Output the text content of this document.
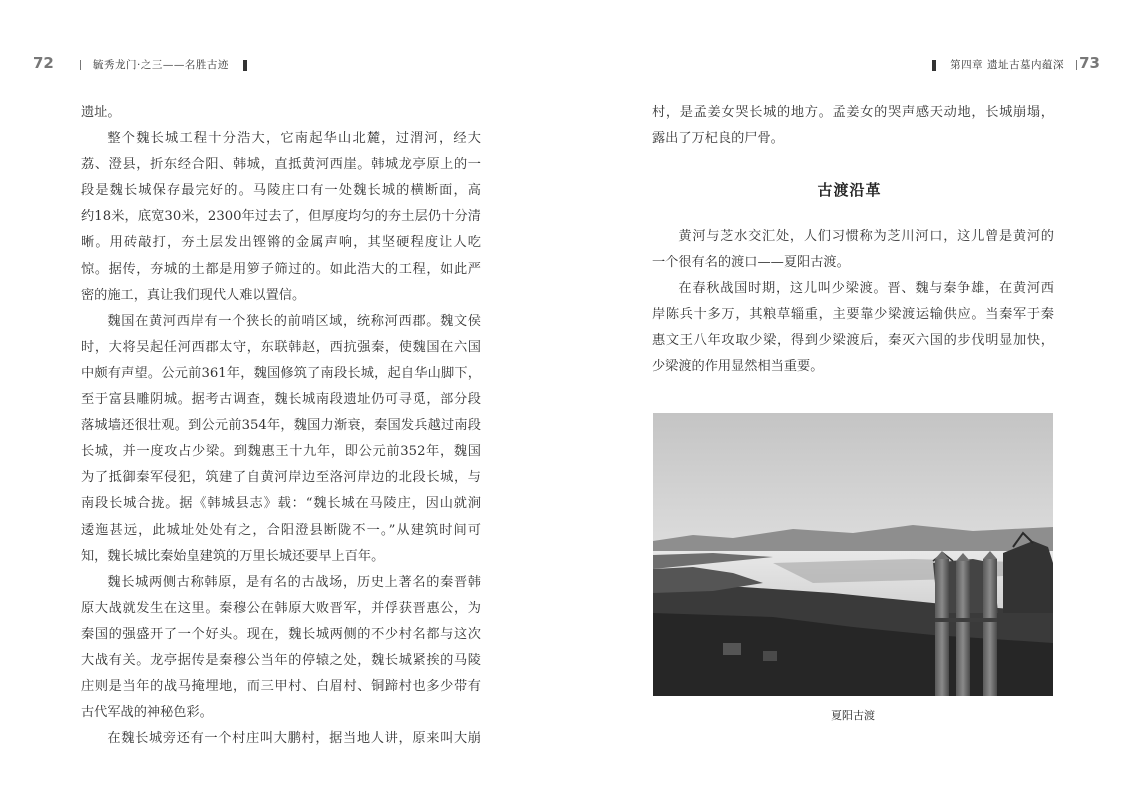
72	毓秀龙门·之三——名胜古迹

遗址。

整个魏长城工程十分浩大，它南起华山北麓，过渭河，经大

荔、澄县，折东经合阳、韩城，直抵黄河西崖。韩城龙亭原上的一

段是魏长城保存最完好的。马陵庄口有一处魏长城的横断面，高

约18米，底宽30米，2300年过去了，但厚度均匀的夯土层仍十分清

晰。用砖敲打，夯土层发出铿锵的金属声响，其坚硬程度让人吃

惊。据传，夯城的土都是用箩子筛过的。如此浩大的工程，如此严

密的施工，真让我们现代人难以置信。

魏国在黄河西岸有一个狭长的前哨区域，统称河西郡。魏文侯

时，大将吴起任河西郡太守，东联韩赵，西抗强秦，使魏国在六国

中颇有声望。公元前361年，魏国修筑了南段长城，起自华山脚下，

至于富县雕阴城。据考古调查，魏长城南段遗址仍可寻觅，部分段

落城墙还很壮观。到公元前354年，魏国力渐衰，秦国发兵越过南段

长城，并一度攻占少梁。到魏惠王十九年，即公元前352年，魏国

为了抵御秦军侵犯，筑建了自黄河岸边至洛河岸边的北段长城，与

南段长城合拢。据《韩城县志》载：“魏长城在马陵庄，因山就涧

逶迤甚远，此城址处处有之，合阳澄县断陇不一。”从建筑时间可

知，魏长城比秦始皇建筑的万里长城还要早上百年。

魏长城两侧古称韩原，是有名的古战场，历史上著名的秦晋韩

原大战就发生在这里。秦穆公在韩原大败晋军，并俘获晋惠公，为

秦国的强盛开了一个好头。现在，魏长城两侧的不少村名都与这次

大战有关。龙亭据传是秦穆公当年的停辕之处，魏长城紧挨的马陵

庄则是当年的战马掩埋地，而三甲村、白眉村、铜蹄村也多少带有

古代军战的神秘色彩。

在魏长城旁还有一个村庄叫大鹏村，据当地人讲，原来叫大崩

第四章 遗址古墓内蕴深	73

村，是孟姜女哭长城的地方。孟姜女的哭声感天动地，长城崩塌，

露出了万杞良的尸骨。

古渡沿革

黄河与芝水交汇处，人们习惯称为芝川河口，这儿曾是黄河的

一个很有名的渡口——夏阳古渡。

在春秋战国时期，这儿叫少梁渡。晋、魏与秦争雄，在黄河西

岸陈兵十多万，其粮草辎重，主要靠少梁渡运输供应。当秦军于秦

惠文王八年攻取少梁，得到少梁渡后，秦灭六国的步伐明显加快，

少梁渡的作用显然相当重要。

夏阳古渡
